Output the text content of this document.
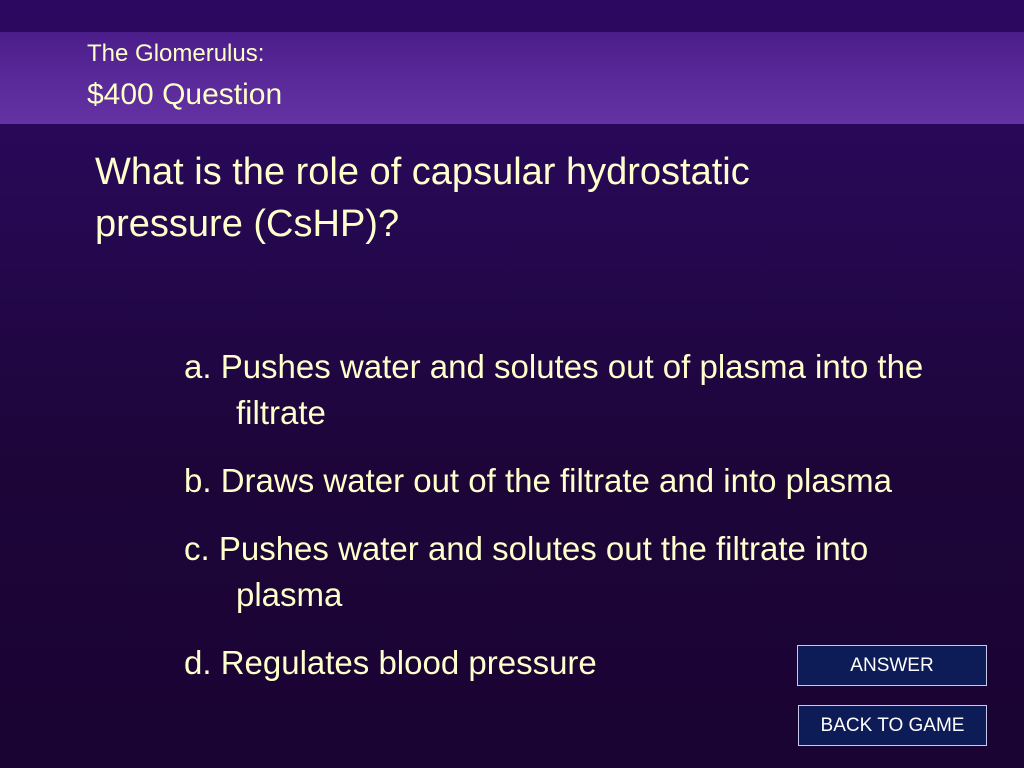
The Glomerulus:
$400 Question
What is the role of capsular hydrostatic pressure (CsHP)?
a. Pushes water and solutes out of plasma into the filtrate
b. Draws water out of the filtrate and into plasma
c. Pushes water and solutes out the filtrate into plasma
d. Regulates blood pressure	ANSWER
BACK TO GAME
